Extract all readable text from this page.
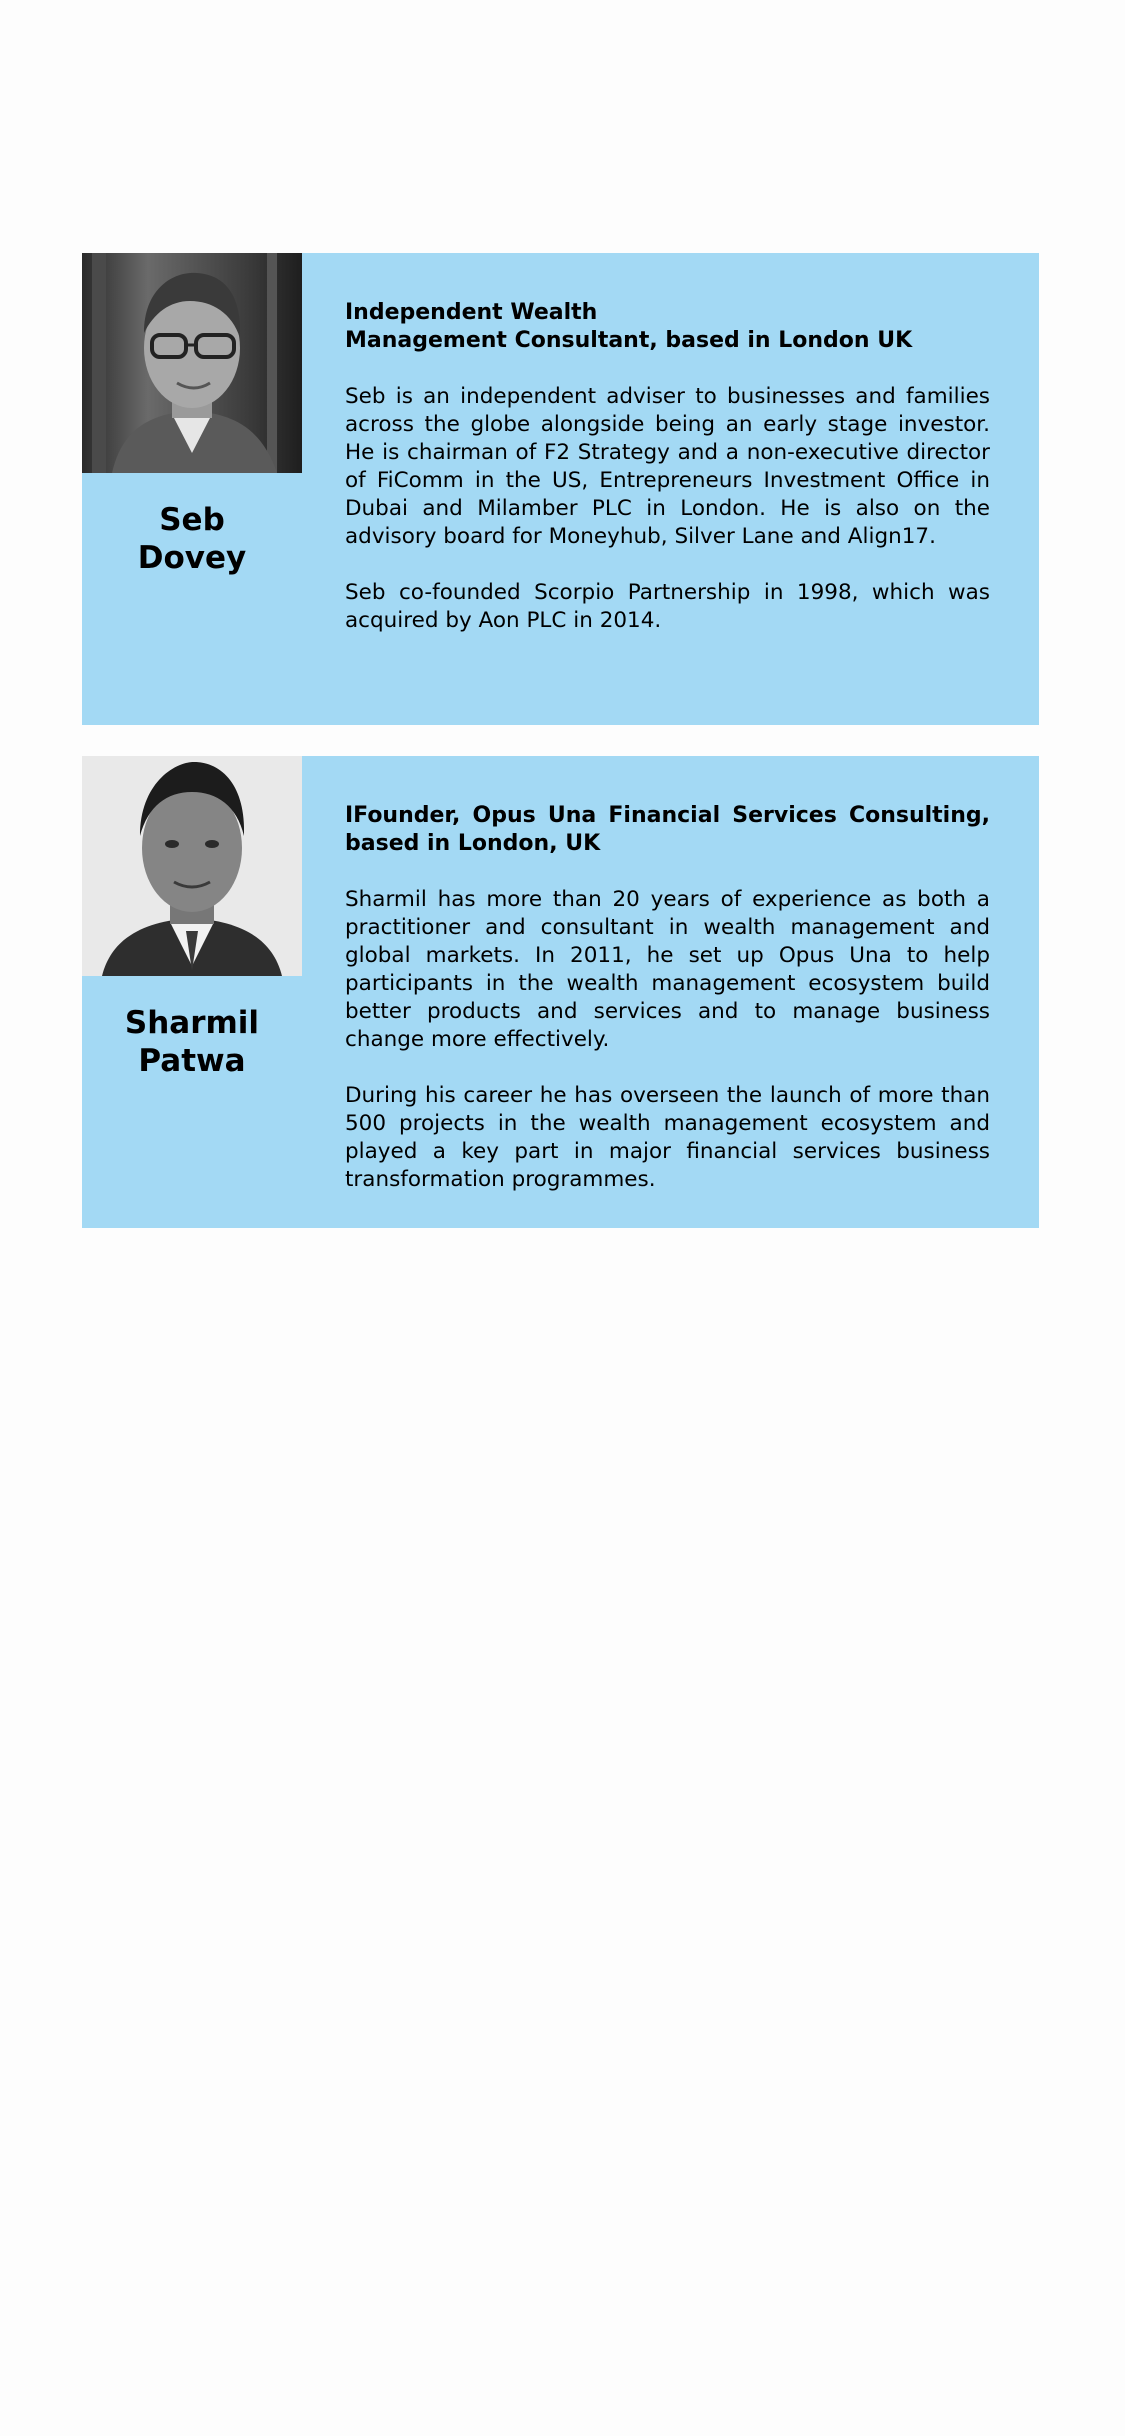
Seb
Dovey
Independent Wealth
Management Consultant, based in London UK

Seb is an independent adviser to businesses and families across the globe alongside being an early stage investor. He is chairman of F2 Strategy and a non-executive director of FiComm in the US, Entrepreneurs Investment Office in Dubai and Milamber PLC in London. He is also on the advisory board for Moneyhub, Silver Lane and Align17.

Seb co-founded Scorpio Partnership in 1998, which was acquired by Aon PLC in 2014.

Sharmil
Patwa
IFounder, Opus Una Financial Services Consulting, based in London, UK

Sharmil has more than 20 years of experience as both a practitioner and consultant in wealth management and global markets. In 2011, he set up Opus Una to help participants in the wealth management ecosystem build better products and services and to manage business change more effectively.

During his career he has overseen the launch of more than 500 projects in the wealth management ecosystem and played a key part in major financial services business transformation programmes.
